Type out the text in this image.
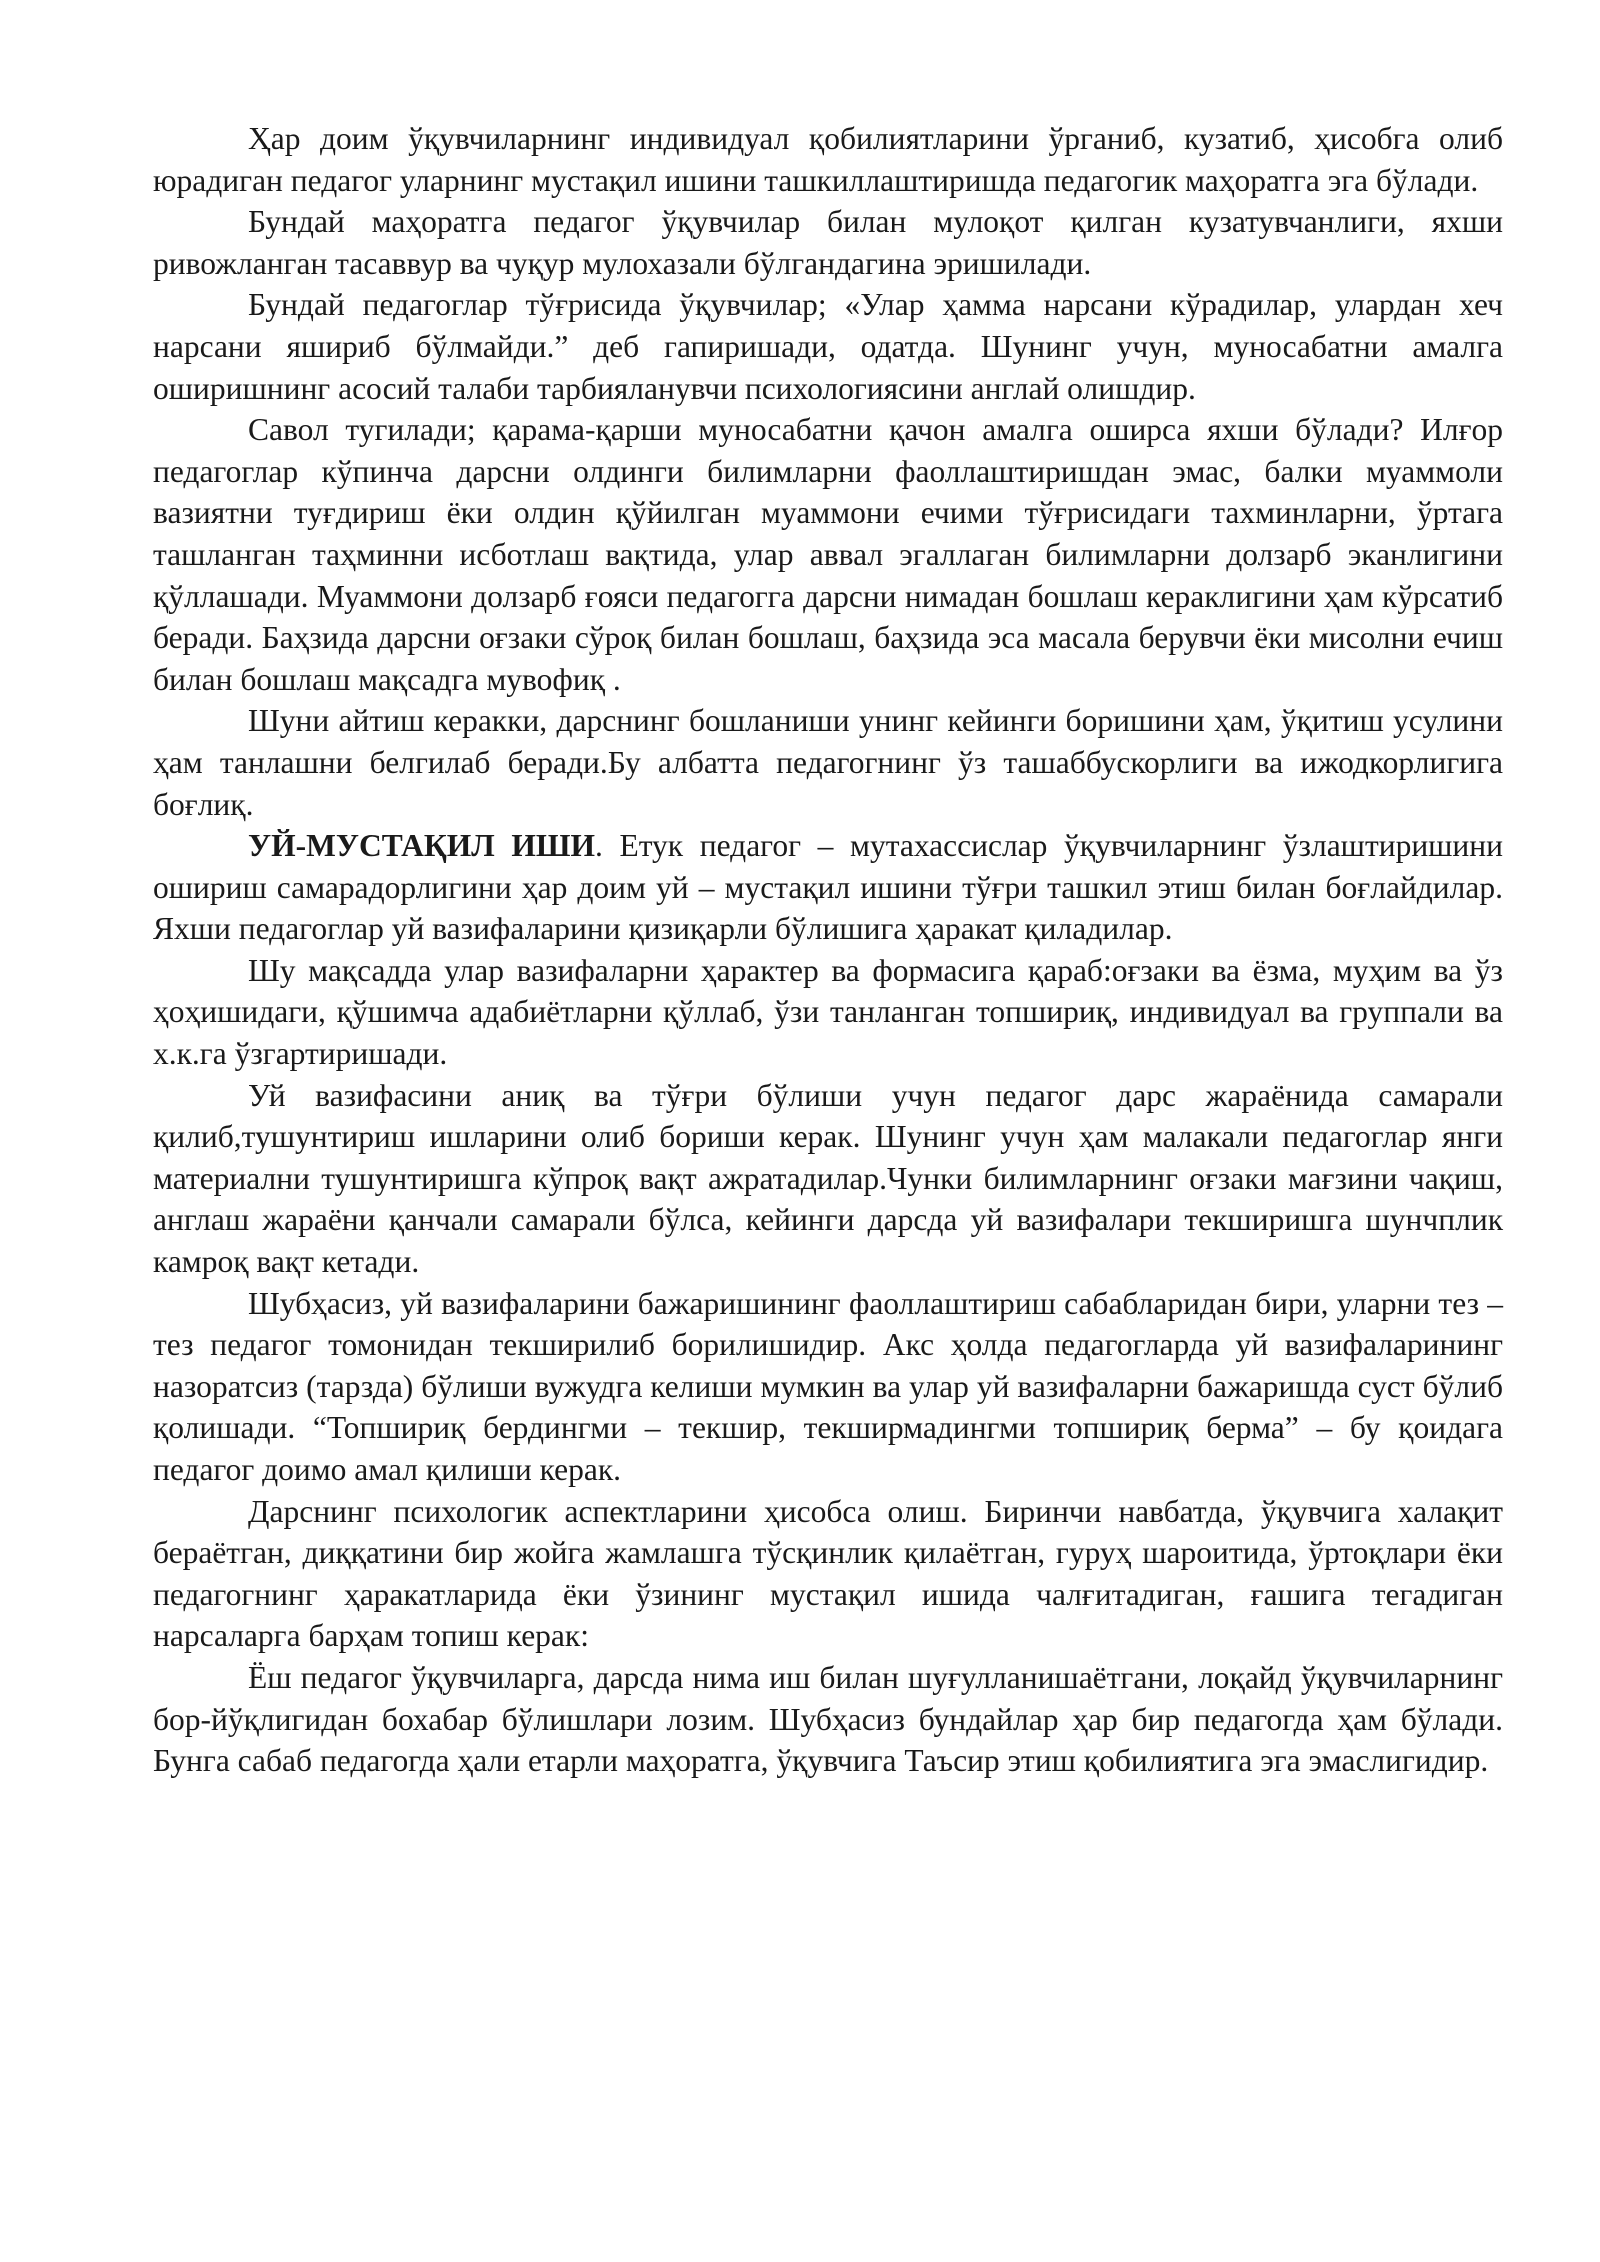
Ҳар доим ўқувчиларнинг индивидуал қобилиятларини ўрганиб, кузатиб, ҳисобга олиб юрадиган педагог уларнинг мустақил ишини ташкиллаштиришда педагогик маҳоратга эга бўлади.

Бундай маҳоратга педагог ўқувчилар билан мулоқот қилган кузатувчанлиги, яхши ривожланган тасаввур ва чуқур мулохазали бўлгандагина эришилади.

Бундай педагоглар тўғрисида ўқувчилар; «Улар ҳамма нарсани кўрадилар, улардан хеч нарсани яшириб бўлмайди.” деб гапиришади, одатда. Шунинг учун, муносабатни амалга оширишнинг асосий талаби тарбияланувчи психологиясини англай олишдир.

Савол тугилади; қарама-қарши муносабатни қачон амалга оширса яхши бўлади? Илғор педагоглар кўпинча дарсни олдинги билимларни фаоллаштиришдан эмас, балки муаммоли вазиятни туғдириш ёки олдин қўйилган муаммони ечими тўғрисидаги тахминларни, ўртага ташланган таҳминни исботлаш вақтида, улар аввал эгаллаган билимларни долзарб эканлигини қўллашади. Муаммони долзарб ғояси педагогга дарсни нимадан бошлаш кераклигини ҳам кўрсатиб беради. Баҳзида дарсни оғзаки сўроқ билан бошлаш, баҳзида эса масала берувчи ёки мисолни ечиш билан бошлаш мақсадга мувофиқ .

Шуни айтиш керакки, дарснинг бошланиши унинг кейинги боришини ҳам, ўқитиш усулини ҳам танлашни белгилаб беради.Бу албатта педагогнинг ўз ташаббускорлиги ва ижодкорлигига боғлиқ.

УЙ-МУСТАҚИЛ ИШИ. Етук педагог – мутахассислар ўқувчиларнинг ўзлаштиришини ошириш самарадорлигини ҳар доим уй – мустақил ишини тўғри ташкил этиш билан боғлайдилар. Яхши педагоглар уй вазифаларини қизиқарли бўлишига ҳаракат қиладилар.

Шу мақсадда улар вазифаларни ҳарактер ва формасига қараб:оғзаки ва ёзма, муҳим ва ўз ҳоҳишидаги, қўшимча адабиётларни қўллаб, ўзи танланган топшириқ, индивидуал ва группали ва х.к.га ўзгартиришади.

Уй вазифасини аниқ ва тўғри бўлиши учун педагог дарс жараёнида самарали қилиб,тушунтириш ишларини олиб бориши керак. Шунинг учун ҳам малакали педагоглар янги материални тушунтиришга кўпроқ вақт ажратадилар.Чунки билимларнинг оғзаки мағзини чақиш, англаш жараёни қанчали самарали бўлса, кейинги дарсда уй вазифалари текширишга шунчплик камроқ вақт кетади.

Шубҳасиз, уй вазифаларини бажаришининг фаоллаштириш сабабларидан бири, уларни тез – тез педагог томонидан текширилиб борилишидир. Акс ҳолда педагогларда уй вазифаларининг назоратсиз (тарзда) бўлиши вужудга келиши мумкин ва улар уй вазифаларни бажаришда суст бўлиб қолишади. “Топшириқ бердингми – текшир, текширмадингми топшириқ берма” – бу қоидага педагог доимо амал қилиши керак.

Дарснинг психологик аспектларини ҳисобса олиш. Биринчи навбатда, ўқувчига халақит бераётган, диққатини бир жойга жамлашга тўсқинлик қилаётган, гуруҳ шароитида, ўртоқлари ёки педагогнинг ҳаракатларида ёки ўзининг мустақил ишида чалғитадиган, ғашига тегадиган нарсаларга барҳам топиш керак:

Ёш педагог ўқувчиларга, дарсда нима иш билан шуғулланишаётгани, лоқайд ўқувчиларнинг бор-йўқлигидан бохабар бўлишлари лозим. Шубҳасиз бундайлар ҳар бир педагогда ҳам бўлади. Бунга сабаб педагогда ҳали етарли маҳоратга, ўқувчига Таъсир этиш қобилиятига эга эмаслигидир.
